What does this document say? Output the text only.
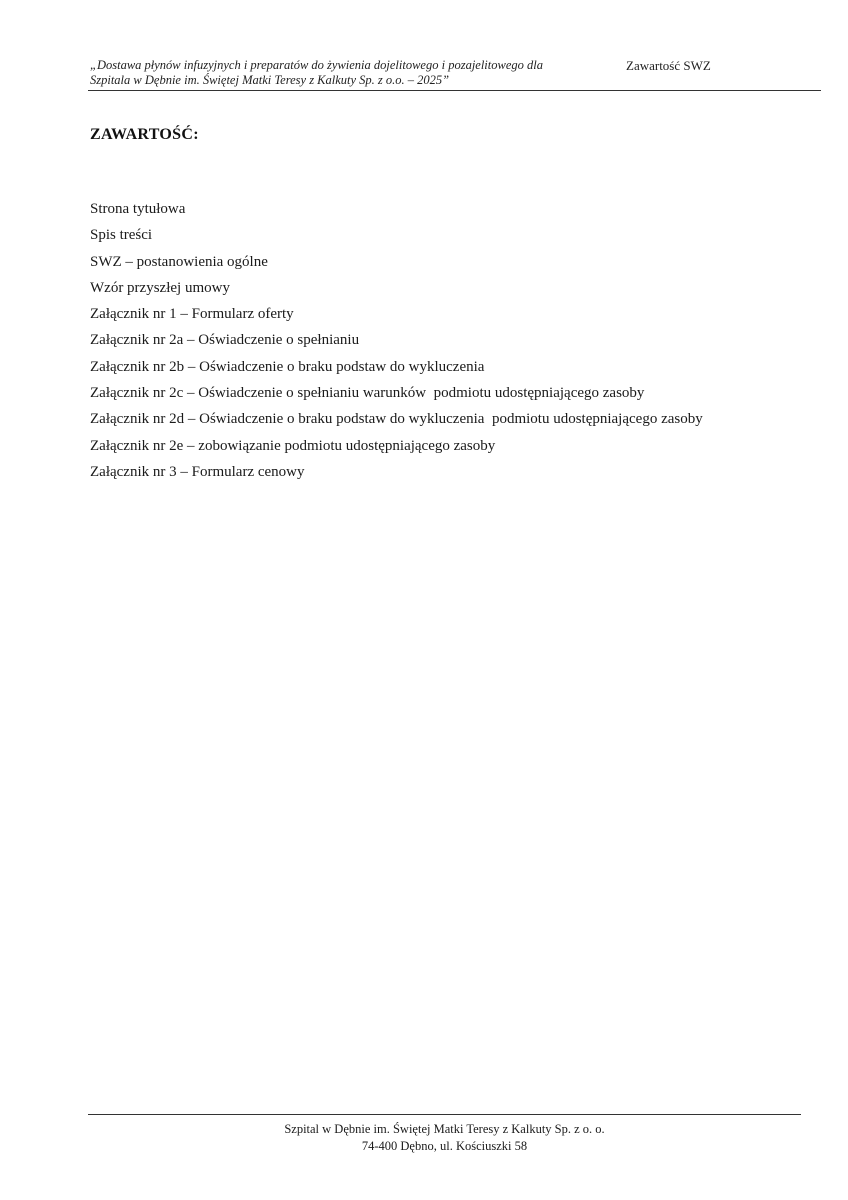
„Dostawa płynów infuzyjnych i preparatów do żywienia dojelitowego i pozajelitowego dla
Szpitala w Dębnie im. Świętej Matki Teresy z Kalkuty Sp. z o.o. – 2025”
Zawartość SWZ
ZAWARTOŚĆ:
Strona tytułowa
Spis treści
SWZ – postanowienia ogólne
Wzór przyszłej umowy
Załącznik nr 1 – Formularz oferty
Załącznik nr 2a – Oświadczenie o spełnianiu
Załącznik nr 2b – Oświadczenie o braku podstaw do wykluczenia
Załącznik nr 2c – Oświadczenie o spełnianiu warunków  podmiotu udostępniającego zasoby
Załącznik nr 2d – Oświadczenie o braku podstaw do wykluczenia  podmiotu udostępniającego zasoby
Załącznik nr 2e – zobowiązanie podmiotu udostępniającego zasoby
Załącznik nr 3 – Formularz cenowy
Szpital w Dębnie im. Świętej Matki Teresy z Kalkuty Sp. z o. o.
74-400 Dębno, ul. Kościuszki 58
